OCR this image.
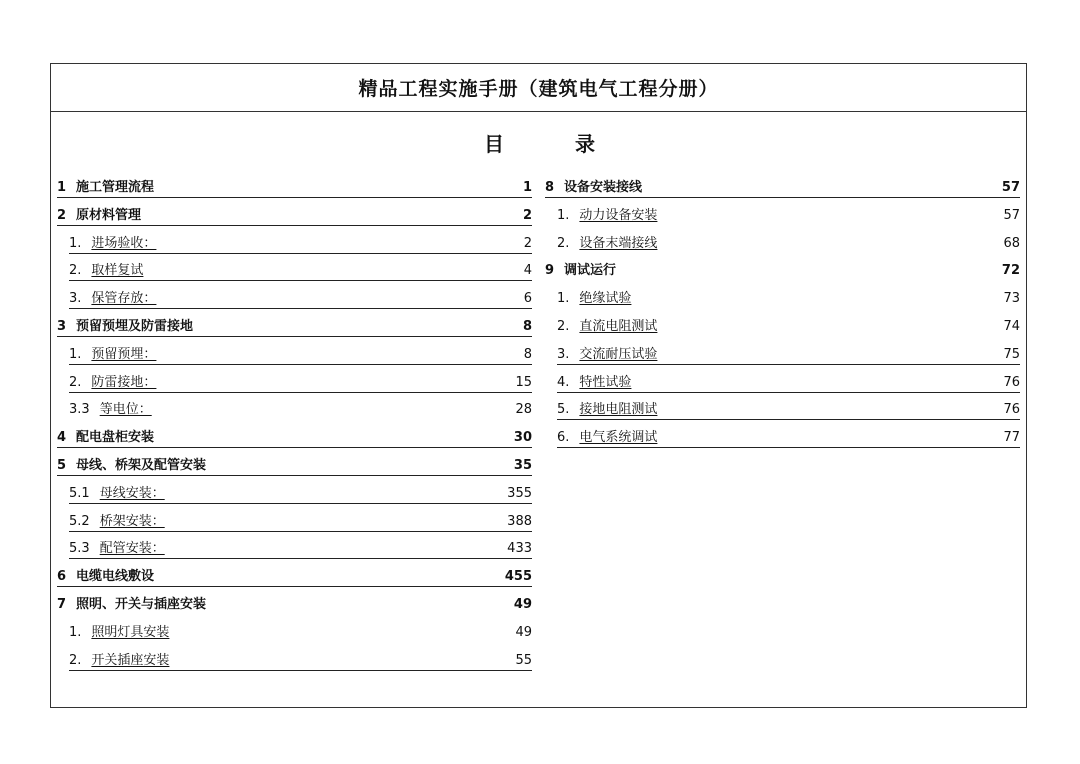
精品工程实施手册（建筑电气工程分册）
目	录
1 施工管理流程	1
2 原材料管理	2
1. 进场验收：	2
2. 取样复试	4
3. 保管存放：	6
3 预留预埋及防雷接地	8
1. 预留预埋：	8
2. 防雷接地：	15
3.3 等电位：	28
4 配电盘柜安装	30
5 母线、桥架及配管安装	35
5.1 母线安装：	355
5.2 桥架安装：	388
5.3 配管安装：	433
6 电缆电线敷设	455
7 照明、开关与插座安装	49
1. 照明灯具安装	49
2. 开关插座安装	55
8 设备安装接线	57
1. 动力设备安装	57
2. 设备末端接线	68
9 调试运行	72
1. 绝缘试验	73
2. 直流电阻测试	74
3. 交流耐压试验	75
4. 特性试验	76
5. 接地电阻测试	76
6. 电气系统调试	77
